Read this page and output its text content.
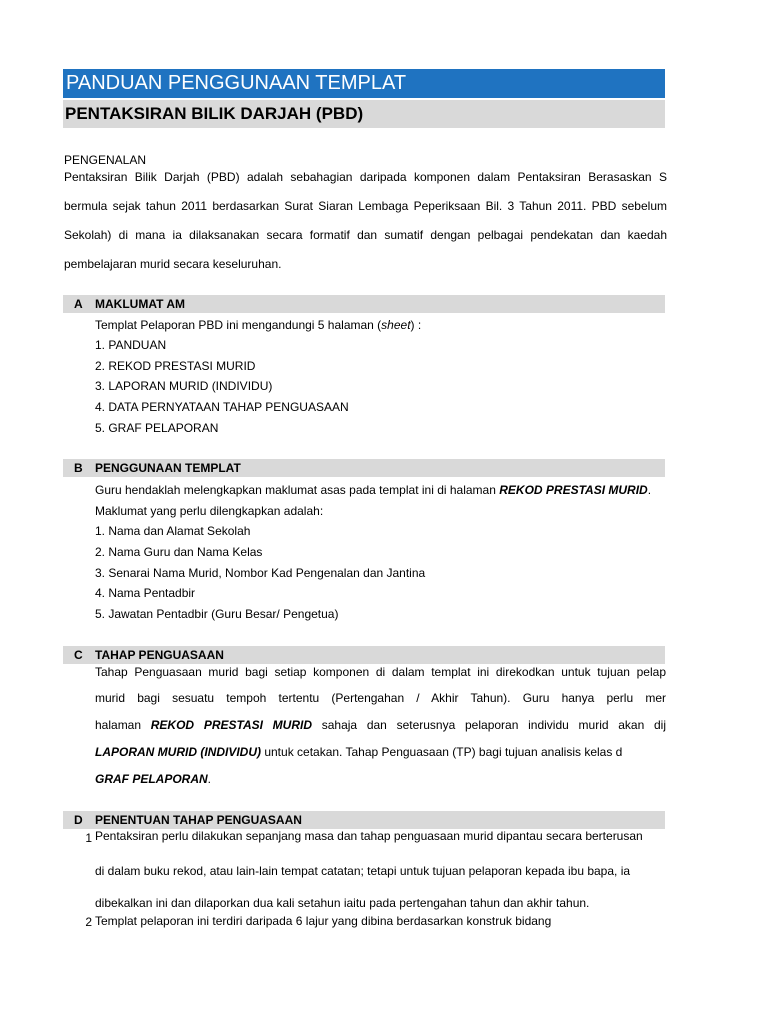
PANDUAN PENGGUNAAN TEMPLAT
PENTAKSIRAN BILIK DARJAH (PBD)
PENGENALAN
Pentaksiran Bilik Darjah (PBD) adalah sebahagian daripada komponen dalam Pentaksiran Berasaskan S
bermula sejak tahun 2011 berdasarkan Surat Siaran Lembaga Peperiksaan Bil. 3 Tahun 2011. PBD sebelum
Sekolah) di mana ia dilaksanakan secara formatif dan sumatif dengan pelbagai pendekatan dan kaedah
pembelajaran murid secara keseluruhan.
A MAKLUMAT AM
Templat Pelaporan PBD ini mengandungi 5 halaman (sheet) :
1. PANDUAN
2. REKOD PRESTASI MURID
3. LAPORAN MURID (INDIVIDU)
4. DATA PERNYATAAN TAHAP PENGUASAAN
5. GRAF PELAPORAN
B PENGGUNAAN TEMPLAT
Guru hendaklah melengkapkan maklumat asas pada templat ini di halaman REKOD PRESTASI MURID.
Maklumat yang perlu dilengkapkan adalah:
1. Nama dan Alamat Sekolah
2. Nama Guru dan Nama Kelas
3. Senarai Nama Murid, Nombor Kad Pengenalan dan Jantina
4. Nama Pentadbir
5. Jawatan Pentadbir (Guru Besar/ Pengetua)
C TAHAP PENGUASAAN
Tahap Penguasaan murid bagi setiap komponen di dalam templat ini direkodkan untuk tujuan pelap
murid bagi sesuatu tempoh tertentu (Pertengahan / Akhir Tahun). Guru hanya perlu mer
halaman REKOD PRESTASI MURID sahaja dan seterusnya pelaporan individu murid akan dij
LAPORAN MURID (INDIVIDU) untuk cetakan. Tahap Penguasaan (TP) bagi tujuan analisis kelas d
GRAF PELAPORAN.
D PENENTUAN TAHAP PENGUASAAN
1 Pentaksiran perlu dilakukan sepanjang masa dan tahap penguasaan murid dipantau secara berterusan
di dalam buku rekod, atau lain-lain tempat catatan; tetapi untuk tujuan pelaporan kepada ibu bapa, ia
dibekalkan ini dan dilaporkan dua kali setahun iaitu pada pertengahan tahun dan akhir tahun.
2 Templat pelaporan ini terdiri daripada 6 lajur yang dibina berdasarkan konstruk bidang
